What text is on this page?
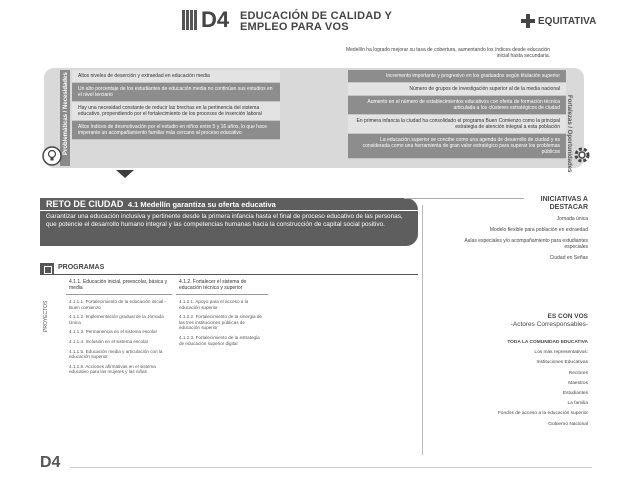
D4 EDUCACIÓN DE CALIDAD Y
EMPLEO PARA VOS	EQUITATIVA
Medellín ha logrado mejorar su tasa de cobertura, aumentando los índices desde educación inicial hasta secundaria.
Problemáticas / Necesidades	Fortalezas / Oportunidades
Altos niveles de deserción y extraedad en educación media
Un alto porcentaje de los estudiantes de educación media no continúan sus estudios en el nivel terciario
Hay una necesidad constante de reducir las brechas en la pertinencia del sistema educativo, propendiendo por el fortalecimiento de los procesos de inserción laboral
Altos índices de desmotivación por el estudio en niños entre 5 y 16 años, lo que hace imperante un acompañamiento familiar más cercano al proceso educativo
Incremento importante y progresivo en los graduados según titulación superior
Número de grupos de investigación superior al de la media nacional
Aumento en el número de establecimientos educativos con oferta de formación técnica articulada a los clústeres estratégicos de ciudad
En primera infancia la ciudad ha consolidado el programa Buen Comienzo como la principal estrategia de atención integral a esta población
La educación superior se concibe como una agenda de desarrollo de ciudad y es considerada como una herramienta de gran valor estratégico para superar los problemas públicos
RETO DE CIUDAD 4.1 Medellín garantiza su oferta educativa
Garantizar una educación inclusiva y pertinente desde la primera infancia hasta el final de proceso educativo de las personas, que potencie el desarrollo humano integral y las competencias humanas hacia la construcción de capital social positivo.
PROGRAMAS
PROYECTOS
4.1.1. Educación inicial, preescolar, básica y media
4.1.1.1. Fortalecimiento de la educación inicial - Buen comienzo
4.1.1.2. Implementación gradual de la Jornada Única
4.1.1.3. Permanencia en el sistema escolar
4.1.1.4. Inclusión en el sistema escolar
4.1.1.5. Educación media y articulación con la educación superior
4.1.1.6. Acciones afirmativas en el sistema educativo para las mujeres y las niñas
4.1.2. Fortalecer el sistema de educación técnica y superior
4.1.2.1. Apoyo para el acceso a la educación superior
4.1.2.2. Fortalecimiento de la sinergia de las tres instituciones públicas de educación superior
4.1.2.3. Fortalecimiento de la estrategia de educación superior digital
INICIATIVAS A
DESTACAR
Jornada única
Modelo flexible para población en extraedad
Aulas especiales y/o acompañamiento para estudiantes especiales
Ciudad en Señas
ES CON VOS
-Actores Corresponsables-
TODA LA COMUNIDAD EDUCATIVA
Los más representativos:
Instituciones Educativas
Rectores
Maestros
Estudiantes
La familia
Fondos de acceso a la educación superior
Gobierno Nacional
D4
